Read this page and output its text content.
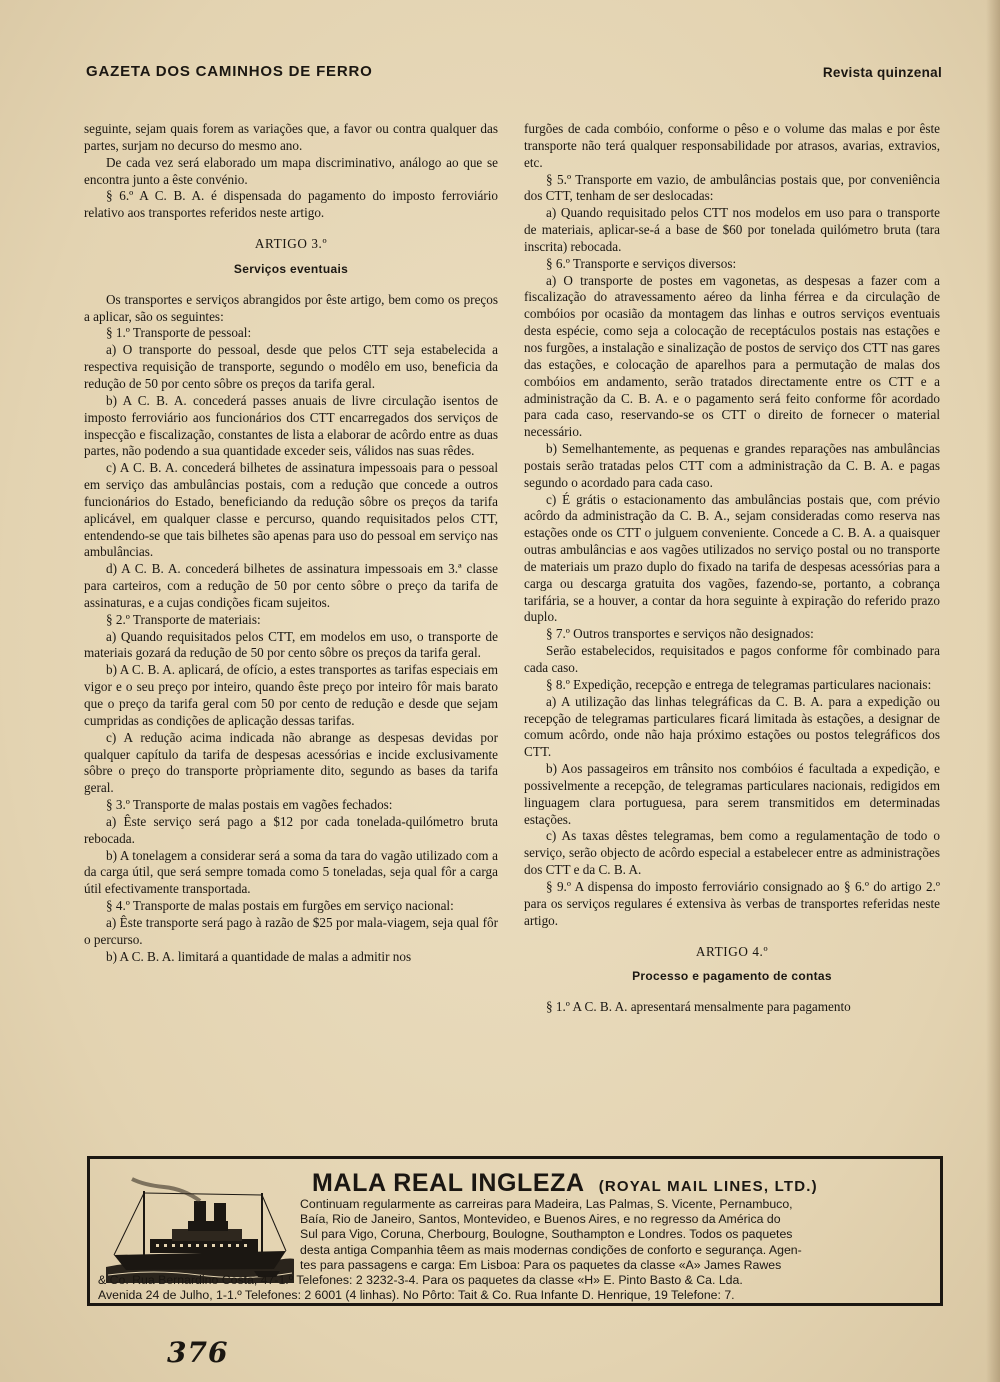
GAZETA DOS CAMINHOS DE FERRO	Revista quinzenal

seguinte, sejam quais forem as variações que, a favor ou contra qualquer das partes, surjam no decurso do mesmo ano.

De cada vez será elaborado um mapa discriminativo, análogo ao que se encontra junto a êste convénio.

§ 6.º A C. B. A. é dispensada do pagamento do imposto ferroviário relativo aos transportes referidos neste artigo.

ARTIGO 3.º

Serviços eventuais

Os transportes e serviços abrangidos por êste artigo, bem como os preços a aplicar, são os seguintes:

§ 1.º Transporte de pessoal:

a) O transporte do pessoal, desde que pelos CTT seja estabelecida a respectiva requisição de transporte, segundo o modêlo em uso, beneficia da redução de 50 por cento sôbre os preços da tarifa geral.

b) A C. B. A. concederá passes anuais de livre circulação isentos de imposto ferroviário aos funcionários dos CTT encarregados dos serviços de inspecção e fiscalização, constantes de lista a elaborar de acôrdo entre as duas partes, não podendo a sua quantidade exceder seis, válidos nas suas rêdes.

c) A C. B. A. concederá bilhetes de assinatura impessoais para o pessoal em serviço das ambulâncias postais, com a redução que concede a outros funcionários do Estado, beneficiando da redução sôbre os preços da tarifa aplicável, em qualquer classe e percurso, quando requisitados pelos CTT, entendendo-se que tais bilhetes são apenas para uso do pessoal em serviço nas ambulâncias.

d) A C. B. A. concederá bilhetes de assinatura impessoais em 3.ª classe para carteiros, com a redução de 50 por cento sôbre o preço da tarifa de assinaturas, e a cujas condições ficam sujeitos.

§ 2.º Transporte de materiais:

a) Quando requisitados pelos CTT, em modelos em uso, o transporte de materiais gozará da redução de 50 por cento sôbre os preços da tarifa geral.

b) A C. B. A. aplicará, de ofício, a estes transportes as tarifas especiais em vigor e o seu preço por inteiro, quando êste preço por inteiro fôr mais barato que o preço da tarifa geral com 50 por cento de redução e desde que sejam cumpridas as condições de aplicação dessas tarifas.

c) A redução acima indicada não abrange as despesas devidas por qualquer capítulo da tarifa de despesas acessórias e incide exclusivamente sôbre o preço do transporte pròpriamente dito, segundo as bases da tarifa geral.

§ 3.º Transporte de malas postais em vagões fechados:

a) Êste serviço será pago a $12 por cada tonelada-quilómetro bruta rebocada.

b) A tonelagem a considerar será a soma da tara do vagão utilizado com a da carga útil, que será sempre tomada como 5 toneladas, seja qual fôr a carga útil efectivamente transportada.

§ 4.º Transporte de malas postais em furgões em serviço nacional:

a) Êste transporte será pago à razão de $25 por mala-viagem, seja qual fôr o percurso.

b) A C. B. A. limitará a quantidade de malas a admitir nos

furgões de cada combóio, conforme o pêso e o volume das malas e por êste transporte não terá qualquer responsabilidade por atrasos, avarias, extravios, etc.

§ 5.º Transporte em vazio, de ambulâncias postais que, por conveniência dos CTT, tenham de ser deslocadas:

a) Quando requisitado pelos CTT nos modelos em uso para o transporte de materiais, aplicar-se-á a base de $60 por tonelada quilómetro bruta (tara inscrita) rebocada.

§ 6.º Transporte e serviços diversos:

a) O transporte de postes em vagonetas, as despesas a fazer com a fiscalização do atravessamento aéreo da linha férrea e da circulação de combóios por ocasião da montagem das linhas e outros serviços eventuais desta espécie, como seja a colocação de receptáculos postais nas estações e nos furgões, a instalação e sinalização de postos de serviço dos CTT nas gares das estações, e colocação de aparelhos para a permutação de malas dos combóios em andamento, serão tratados directamente entre os CTT e a administração da C. B. A. e o pagamento será feito conforme fôr acordado para cada caso, reservando-se os CTT o direito de fornecer o material necessário.

b) Semelhantemente, as pequenas e grandes reparações nas ambulâncias postais serão tratadas pelos CTT com a administração da C. B. A. e pagas segundo o acordado para cada caso.

c) É grátis o estacionamento das ambulâncias postais que, com prévio acôrdo da administração da C. B. A., sejam consideradas como reserva nas estações onde os CTT o julguem conveniente. Concede a C. B. A. a quaisquer outras ambulâncias e aos vagões utilizados no serviço postal ou no transporte de materiais um prazo duplo do fixado na tarifa de despesas acessórias para a carga ou descarga gratuita dos vagões, fazendo-se, portanto, a cobrança tarifária, se a houver, a contar da hora seguinte à expiração do referido prazo duplo.

§ 7.º Outros transportes e serviços não designados:

Serão estabelecidos, requisitados e pagos conforme fôr combinado para cada caso.

§ 8.º Expedição, recepção e entrega de telegramas particulares nacionais:

a) A utilização das linhas telegráficas da C. B. A. para a expedição ou recepção de telegramas particulares ficará limitada às estações, a designar de comum acôrdo, onde não haja próximo estações ou postos telegráficos dos CTT.

b) Aos passageiros em trânsito nos combóios é facultada a expedição, e possivelmente a recepção, de telegramas particulares nacionais, redigidos em linguagem clara portuguesa, para serem transmitidos em determinadas estações.

c) As taxas dêstes telegramas, bem como a regulamentação de todo o serviço, serão objecto de acôrdo especial a estabelecer entre as administrações dos CTT e da C. B. A.

§ 9.º A dispensa do imposto ferroviário consignado ao § 6.º do artigo 2.º para os serviços regulares é extensiva às verbas de transportes referidas neste artigo.

ARTIGO 4.º

Processo e pagamento de contas

§ 1.º A C. B. A. apresentará mensalmente para pagamento

MALA REAL INGLEZA (ROYAL MAIL LINES, LTD.)
Continuam regularmente as carreiras para Madeira, Las Palmas, S. Vicente, Pernambuco,
Baía, Rio de Janeiro, Santos, Montevideo, e Buenos Aires, e no regresso da América do
Sul para Vigo, Coruna, Cherbourg, Boulogne, Southampton e Londres. Todos os paquetes
desta antiga Companhia têem as mais modernas condições de conforto e segurança. Agen-
tes para passagens e carga: Em Lisboa: Para os paquetes da classe «A» James Rawes
& Co. Rua Bernardino Costa, 47-1.º Telefones: 2 3232-3-4. Para os paquetes da classe «H» E. Pinto Basto & Ca. Lda.
Avenida 24 de Julho, 1-1.º Telefones: 2 6001 (4 linhas). No Pôrto: Tait & Co. Rua Infante D. Henrique, 19 Telefone: 7.
376
